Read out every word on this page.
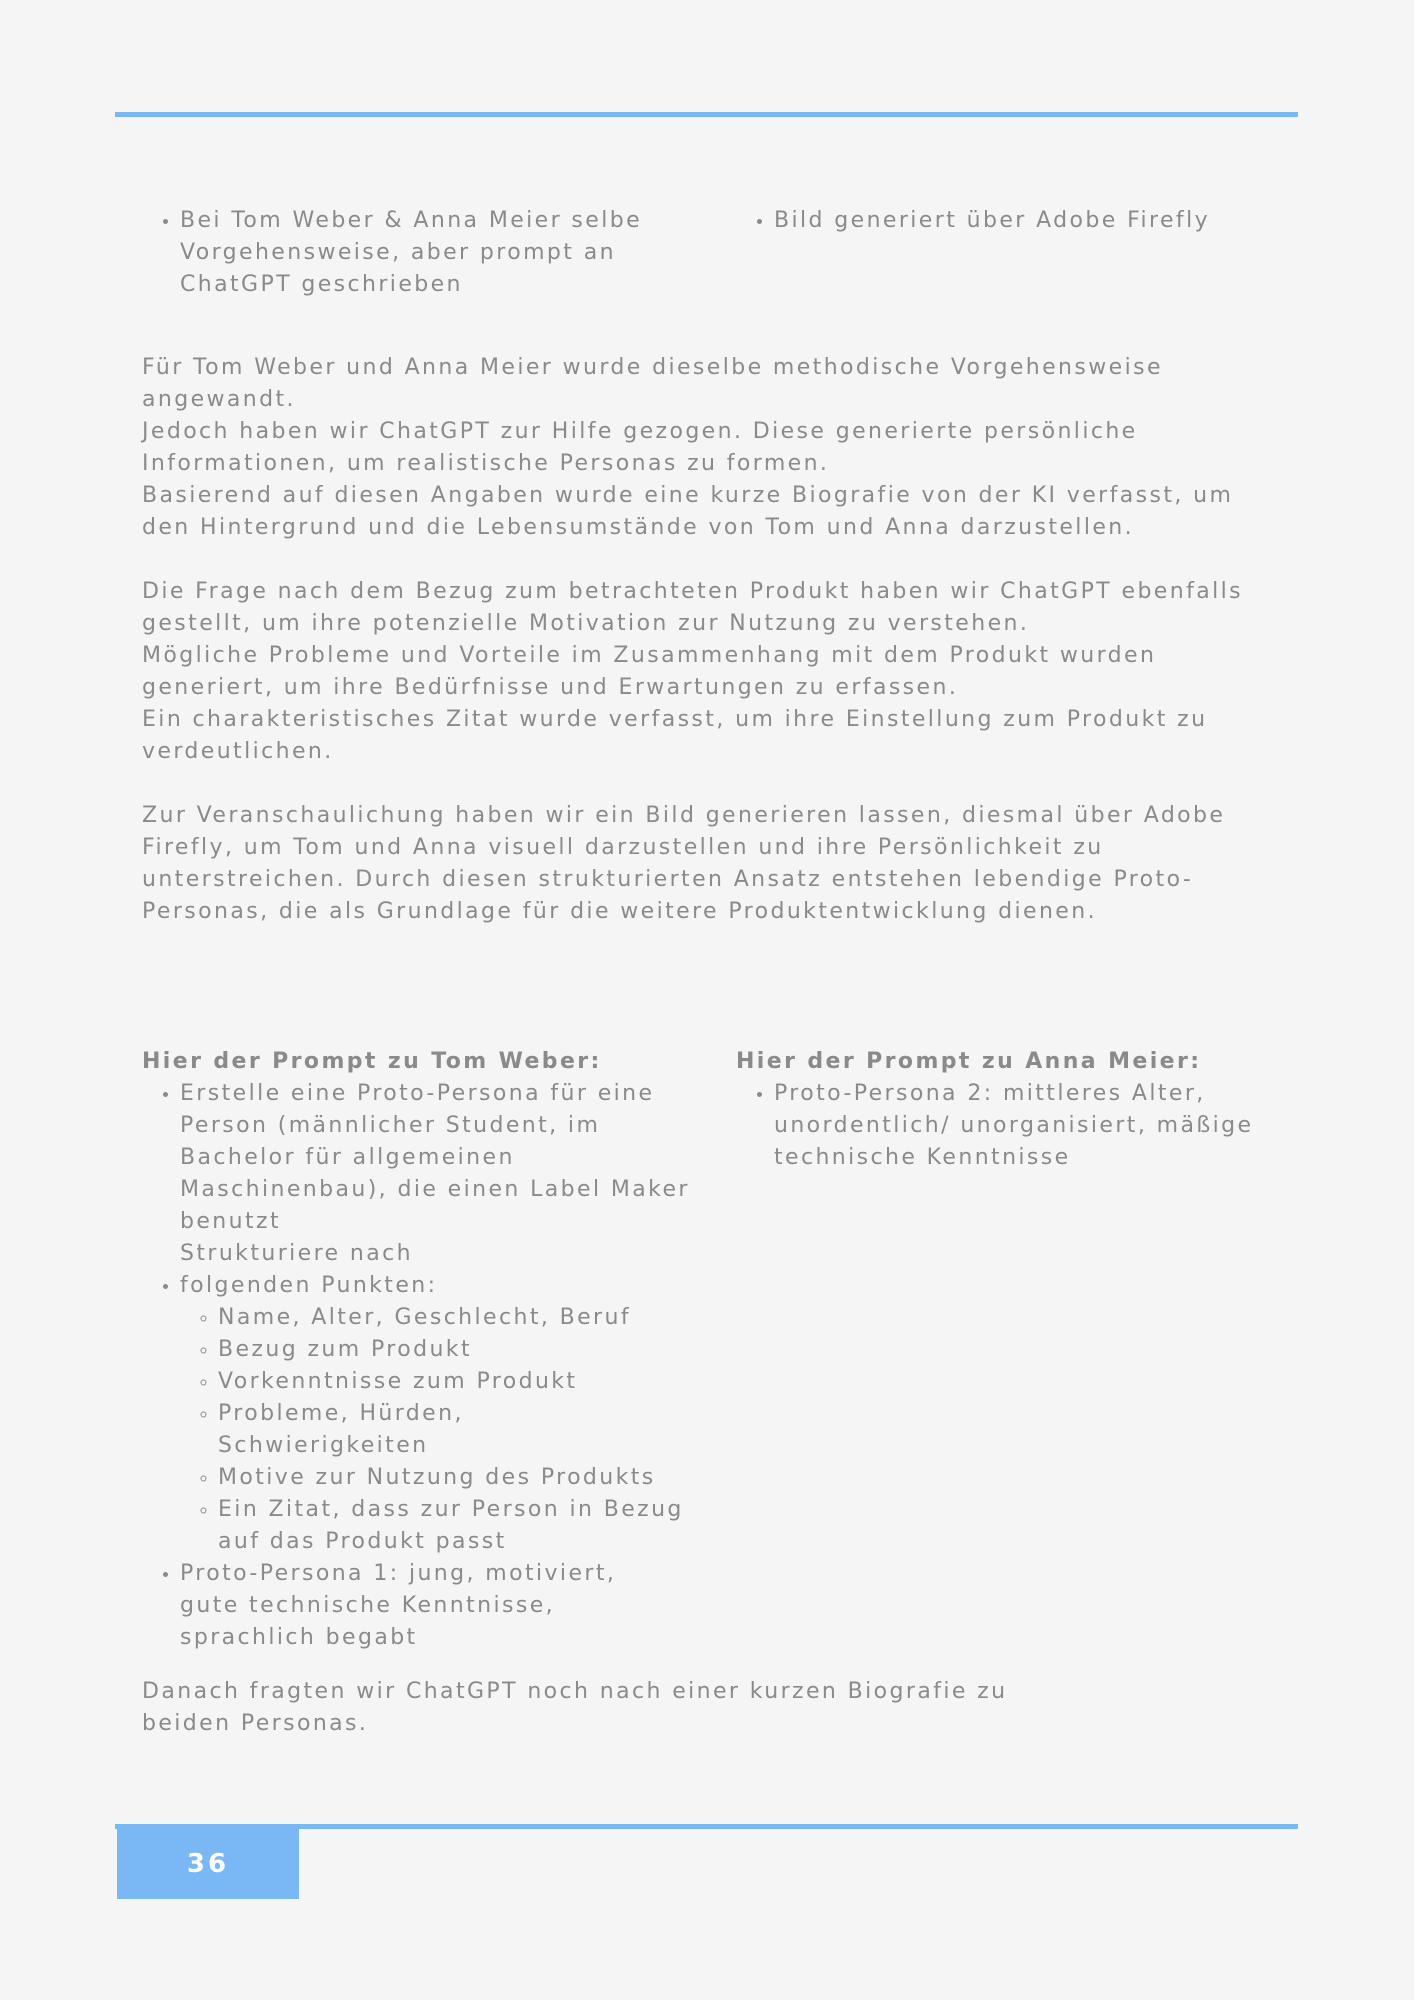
• Bei Tom Weber & Anna Meier selbe Vorgehensweise, aber prompt an ChatGPT geschrieben
• Bild generiert über Adobe Firefly

Für Tom Weber und Anna Meier wurde dieselbe methodische Vorgehensweise angewandt.
Jedoch haben wir ChatGPT zur Hilfe gezogen. Diese generierte persönliche Informationen, um realistische Personas zu formen.
Basierend auf diesen Angaben wurde eine kurze Biografie von der KI verfasst, um den Hintergrund und die Lebensumstände von Tom und Anna darzustellen.

Die Frage nach dem Bezug zum betrachteten Produkt haben wir ChatGPT ebenfalls gestellt, um ihre potenzielle Motivation zur Nutzung zu verstehen.
Mögliche Probleme und Vorteile im Zusammenhang mit dem Produkt wurden generiert, um ihre Bedürfnisse und Erwartungen zu erfassen.
Ein charakteristisches Zitat wurde verfasst, um ihre Einstellung zum Produkt zu verdeutlichen.

Zur Veranschaulichung haben wir ein Bild generieren lassen, diesmal über Adobe Firefly, um Tom und Anna visuell darzustellen und ihre Persönlichkeit zu unterstreichen. Durch diesen strukturierten Ansatz entstehen lebendige Proto-Personas, die als Grundlage für die weitere Produktentwicklung dienen.

Hier der Prompt zu Tom Weber:

• Erstelle eine Proto-Persona für eine Person (männlicher Student, im Bachelor für allgemeinen Maschinenbau), die einen Label Maker benutzt
• Strukturiere nach folgenden Punkten:
◦ Name, Alter, Geschlecht, Beruf
◦ Bezug zum Produkt
◦ Vorkenntnisse zum Produkt
◦ Probleme, Hürden, Schwierigkeiten
◦ Motive zur Nutzung des Produkts
◦ Ein Zitat, dass zur Person in Bezug auf das Produkt passt
• Proto-Persona 1: jung, motiviert, gute technische Kenntnisse, sprachlich begabt

Hier der Prompt zu Anna Meier:

• Proto-Persona 2: mittleres Alter, unordentlich/ unorganisiert, mäßige technische Kenntnisse

Danach fragten wir ChatGPT noch nach einer kurzen Biografie zu beiden Personas.

36
